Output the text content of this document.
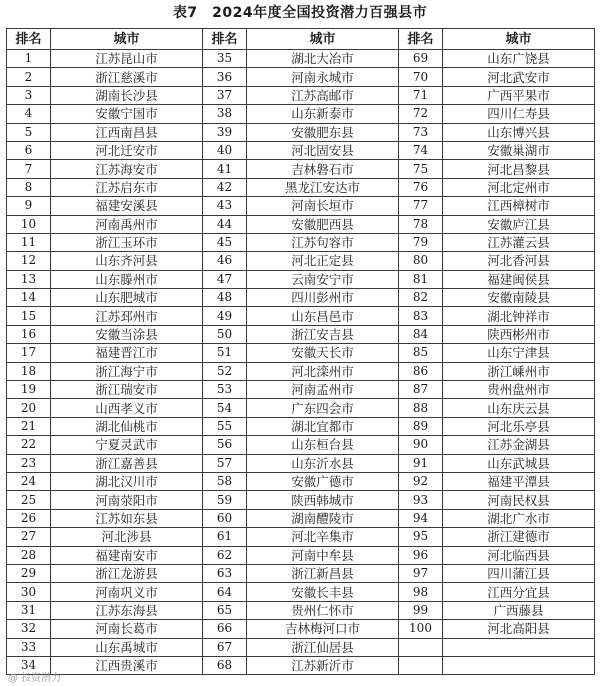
表7　2024年度全国投资潜力百强县市
排名	城市	排名	城市	排名	城市
1	江苏昆山市	35	湖北大冶市	69	山东广饶县
2	浙江慈溪市	36	河南永城市	70	河北武安市
3	湖南长沙县	37	江苏高邮市	71	广西平果市
4	安徽宁国市	38	山东新泰市	72	四川仁寿县
5	江西南昌县	39	安徽肥东县	73	山东博兴县
6	河北迁安市	40	河北固安县	74	安徽巢湖市
7	江苏海安市	41	吉林磐石市	75	河北昌黎县
8	江苏启东市	42	黑龙江安达市	76	河北定州市
9	福建安溪县	43	河南长垣市	77	江西樟树市
10	河南禹州市	44	安徽肥西县	78	安徽庐江县
11	浙江玉环市	45	江苏句容市	79	江苏灌云县
12	山东齐河县	46	河北正定县	80	河北香河县
13	山东滕州市	47	云南安宁市	81	福建闽侯县
14	山东肥城市	48	四川彭州市	82	安徽南陵县
15	江苏邳州市	49	山东昌邑市	83	湖北钟祥市
16	安徽当涂县	50	浙江安吉县	84	陕西彬州市
17	福建晋江市	51	安徽天长市	85	山东宁津县
18	浙江海宁市	52	河北滦州市	86	浙江嵊州市
19	浙江瑞安市	53	河南孟州市	87	贵州盘州市
20	山西孝义市	54	广东四会市	88	山东庆云县
21	湖北仙桃市	55	湖北宜都市	89	河北乐亭县
22	宁夏灵武市	56	山东桓台县	90	江苏金湖县
23	浙江嘉善县	57	山东沂水县	91	山东武城县
24	湖北汉川市	58	安徽广德市	92	福建平潭县
25	河南荥阳市	59	陕西韩城市	93	河南民权县
26	江苏如东县	60	湖南醴陵市	94	湖北广水市
27	河北涉县	61	河北辛集市	95	浙江建德市
28	福建南安市	62	河南中牟县	96	河北临西县
29	浙江龙游县	63	浙江新昌县	97	四川蒲江县
30	河南巩义市	64	安徽长丰县	98	江西分宜县
31	江苏东海县	65	贵州仁怀市	99	广西藤县
32	河南长葛市	66	吉林梅河口市	100	河北高阳县
33	山东禹城市	67	浙江仙居县		
34	江西贵溪市	68	江苏新沂市		
@ 投资潜力
